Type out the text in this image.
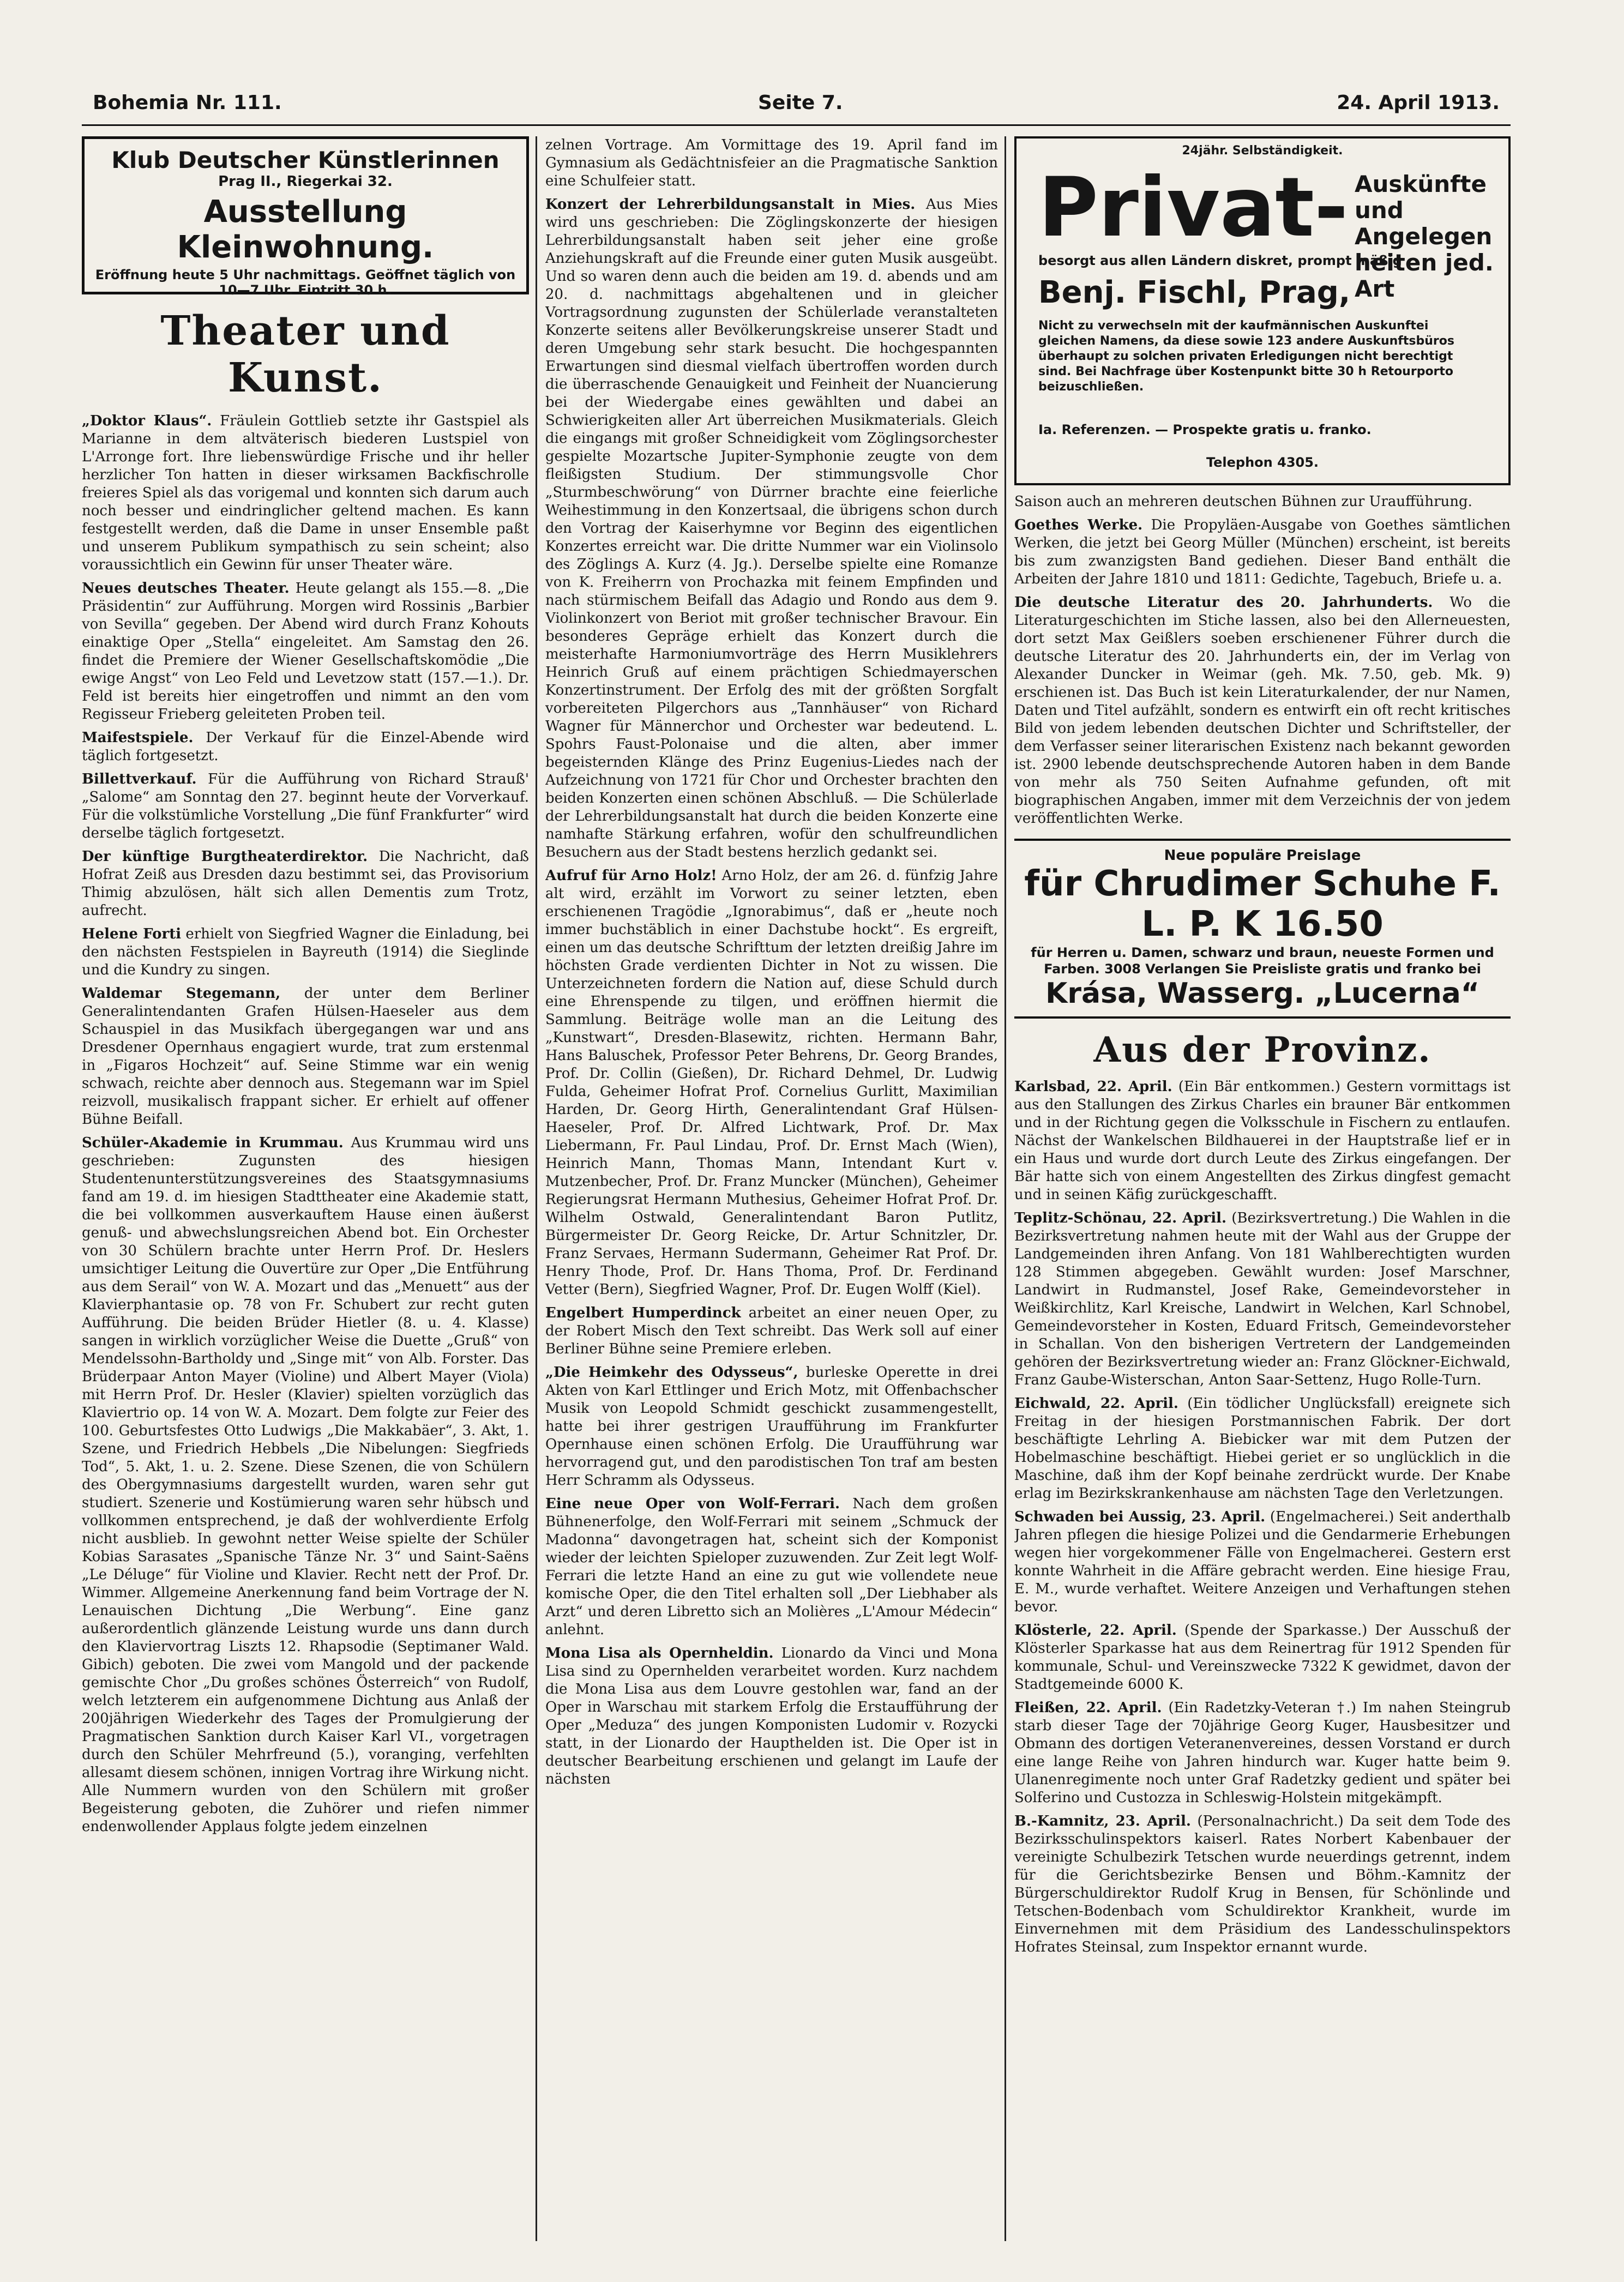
Bohemia Nr. 111.	Seite 7.	24. April 1913.
Klub Deutscher Künstlerinnen
Prag II., Riegerkai 32.
Ausstellung Kleinwohnung.
Eröffnung heute 5 Uhr nachmittags. Geöffnet täglich von 10—7 Uhr. Eintritt 30 h.
Theater und Kunst.

„Doktor Klaus“. Fräulein Gottlieb setzte ihr Gastspiel als Marianne in dem altväterisch biederen Lustspiel von L'Arronge fort. Ihre liebenswürdige Frische und ihr heller herzlicher Ton hatten in dieser wirksamen Backfischrolle freieres Spiel als das vorigemal und konnten sich darum auch noch besser und eindringlicher geltend machen. Es kann festgestellt werden, daß die Dame in unser Ensemble paßt und unserem Publikum sympathisch zu sein scheint; also voraussichtlich ein Gewinn für unser Theater wäre.

Neues deutsches Theater. Heute gelangt als 155.—8. „Die Präsidentin“ zur Aufführung. Morgen wird Rossinis „Barbier von Sevilla“ gegeben. Der Abend wird durch Franz Kohouts einaktige Oper „Stella“ eingeleitet. Am Samstag den 26. findet die Premiere der Wiener Gesellschaftskomödie „Die ewige Angst“ von Leo Feld und Levetzow statt (157.—1.). Dr. Feld ist bereits hier eingetroffen und nimmt an den vom Regisseur Frieberg geleiteten Proben teil.

Maifestspiele. Der Verkauf für die Einzel-Abende wird täglich fortgesetzt.

Billettverkauf. Für die Aufführung von Richard Strauß' „Salome“ am Sonntag den 27. beginnt heute der Vorverkauf. Für die volkstümliche Vorstellung „Die fünf Frankfurter“ wird derselbe täglich fortgesetzt.

Der künftige Burgtheaterdirektor. Die Nachricht, daß Hofrat Zeiß aus Dresden dazu bestimmt sei, das Provisorium Thimig abzulösen, hält sich allen Dementis zum Trotz, aufrecht.

Helene Forti erhielt von Siegfried Wagner die Einladung, bei den nächsten Festspielen in Bayreuth (1914) die Sieglinde und die Kundry zu singen.

Waldemar Stegemann, der unter dem Berliner Generalintendanten Grafen Hülsen-Haeseler aus dem Schauspiel in das Musikfach übergegangen war und ans Dresdener Opernhaus engagiert wurde, trat zum erstenmal in „Figaros Hochzeit“ auf. Seine Stimme war ein wenig schwach, reichte aber dennoch aus. Stegemann war im Spiel reizvoll, musikalisch frappant sicher. Er erhielt auf offener Bühne Beifall.

Schüler-Akademie in Krummau. Aus Krummau wird uns geschrieben: Zugunsten des hiesigen Studentenunterstützungsvereines des Staatsgymnasiums fand am 19. d. im hiesigen Stadttheater eine Akademie statt, die bei vollkommen ausverkauftem Hause einen äußerst genuß- und abwechslungsreichen Abend bot. Ein Orchester von 30 Schülern brachte unter Herrn Prof. Dr. Heslers umsichtiger Leitung die Ouvertüre zur Oper „Die Entführung aus dem Serail“ von W. A. Mozart und das „Menuett“ aus der Klavierphantasie op. 78 von Fr. Schubert zur recht guten Aufführung. Die beiden Brüder Hietler (8. u. 4. Klasse) sangen in wirklich vorzüglicher Weise die Duette „Gruß“ von Mendelssohn-Bartholdy und „Singe mit“ von Alb. Forster. Das Brüderpaar Anton Mayer (Violine) und Albert Mayer (Viola) mit Herrn Prof. Dr. Hesler (Klavier) spielten vorzüglich das Klaviertrio op. 14 von W. A. Mozart. Dem folgte zur Feier des 100. Geburtsfestes Otto Ludwigs „Die Makkabäer“, 3. Akt, 1. Szene, und Friedrich Hebbels „Die Nibelungen: Siegfrieds Tod“, 5. Akt, 1. u. 2. Szene. Diese Szenen, die von Schülern des Obergymnasiums dargestellt wurden, waren sehr gut studiert. Szenerie und Kostümierung waren sehr hübsch und vollkommen entsprechend, je daß der wohlverdiente Erfolg nicht ausblieb. In gewohnt netter Weise spielte der Schüler Kobias Sarasates „Spanische Tänze Nr. 3“ und Saint-Saëns „Le Déluge“ für Violine und Klavier. Recht nett der Prof. Dr. Wimmer. Allgemeine Anerkennung fand beim Vortrage der N. Lenauischen Dichtung „Die Werbung“. Eine ganz außerordentlich glänzende Leistung wurde uns dann durch den Klaviervortrag Liszts 12. Rhapsodie (Septimaner Wald. Gibich) geboten. Die zwei vom Mangold und der packende gemischte Chor „Du großes schönes Österreich“ von Rudolf, welch letzterem ein aufgenommene Dichtung aus Anlaß der 200jährigen Wiederkehr des Tages der Promulgierung der Pragmatischen Sanktion durch Kaiser Karl VI., vorgetragen durch den Schüler Mehrfreund (5.), voranging, verfehlten allesamt diesem schönen, innigen Vortrag ihre Wirkung nicht. Alle Nummern wurden von den Schülern mit großer Begeisterung geboten, die Zuhörer und riefen nimmer endenwollender Applaus folgte jedem einzelnen

zelnen Vortrage. Am Vormittage des 19. April fand im Gymnasium als Gedächtnisfeier an die Pragmatische Sanktion eine Schulfeier statt.

Konzert der Lehrerbildungsanstalt in Mies. Aus Mies wird uns geschrieben: Die Zöglingskonzerte der hiesigen Lehrerbildungsanstalt haben seit jeher eine große Anziehungskraft auf die Freunde einer guten Musik ausgeübt. Und so waren denn auch die beiden am 19. d. abends und am 20. d. nachmittags abgehaltenen und in gleicher Vortragsordnung zugunsten der Schülerlade veranstalteten Konzerte seitens aller Bevölkerungskreise unserer Stadt und deren Umgebung sehr stark besucht. Die hochgespannten Erwartungen sind diesmal vielfach übertroffen worden durch die überraschende Genauigkeit und Feinheit der Nuancierung bei der Wiedergabe eines gewählten und dabei an Schwierigkeiten aller Art überreichen Musikmaterials. Gleich die eingangs mit großer Schneidigkeit vom Zöglingsorchester gespielte Mozartsche Jupiter-Symphonie zeugte von dem fleißigsten Studium. Der stimmungsvolle Chor „Sturmbeschwörung“ von Dürrner brachte eine feierliche Weihestimmung in den Konzertsaal, die übrigens schon durch den Vortrag der Kaiserhymne vor Beginn des eigentlichen Konzertes erreicht war. Die dritte Nummer war ein Violinsolo des Zöglings A. Kurz (4. Jg.). Derselbe spielte eine Romanze von K. Freiherrn von Prochazka mit feinem Empfinden und nach stürmischem Beifall das Adagio und Rondo aus dem 9. Violinkonzert von Beriot mit großer technischer Bravour. Ein besonderes Gepräge erhielt das Konzert durch die meisterhafte Harmoniumvorträge des Herrn Musiklehrers Heinrich Gruß auf einem prächtigen Schiedmayerschen Konzertinstrument. Der Erfolg des mit der größten Sorgfalt vorbereiteten Pilgerchors aus „Tannhäuser“ von Richard Wagner für Männerchor und Orchester war bedeutend. L. Spohrs Faust-Polonaise und die alten, aber immer begeisternden Klänge des Prinz Eugenius-Liedes nach der Aufzeichnung von 1721 für Chor und Orchester brachten den beiden Konzerten einen schönen Abschluß. — Die Schülerlade der Lehrerbildungsanstalt hat durch die beiden Konzerte eine namhafte Stärkung erfahren, wofür den schulfreundlichen Besuchern aus der Stadt bestens herzlich gedankt sei.

Aufruf für Arno Holz! Arno Holz, der am 26. d. fünfzig Jahre alt wird, erzählt im Vorwort zu seiner letzten, eben erschienenen Tragödie „Ignorabimus“, daß er „heute noch immer buchstäblich in einer Dachstube hockt“. Es ergreift, einen um das deutsche Schrifttum der letzten dreißig Jahre im höchsten Grade verdienten Dichter in Not zu wissen. Die Unterzeichneten fordern die Nation auf, diese Schuld durch eine Ehrenspende zu tilgen, und eröffnen hiermit die Sammlung. Beiträge wolle man an die Leitung des „Kunstwart“, Dresden-Blasewitz, richten. Hermann Bahr, Hans Baluschek, Professor Peter Behrens, Dr. Georg Brandes, Prof. Dr. Collin (Gießen), Dr. Richard Dehmel, Dr. Ludwig Fulda, Geheimer Hofrat Prof. Cornelius Gurlitt, Maximilian Harden, Dr. Georg Hirth, Generalintendant Graf Hülsen-Haeseler, Prof. Dr. Alfred Lichtwark, Prof. Dr. Max Liebermann, Fr. Paul Lindau, Prof. Dr. Ernst Mach (Wien), Heinrich Mann, Thomas Mann, Intendant Kurt v. Mutzenbecher, Prof. Dr. Franz Muncker (München), Geheimer Regierungsrat Hermann Muthesius, Geheimer Hofrat Prof. Dr. Wilhelm Ostwald, Generalintendant Baron Putlitz, Bürgermeister Dr. Georg Reicke, Dr. Artur Schnitzler, Dr. Franz Servaes, Hermann Sudermann, Geheimer Rat Prof. Dr. Henry Thode, Prof. Dr. Hans Thoma, Prof. Dr. Ferdinand Vetter (Bern), Siegfried Wagner, Prof. Dr. Eugen Wolff (Kiel).

Engelbert Humperdinck arbeitet an einer neuen Oper, zu der Robert Misch den Text schreibt. Das Werk soll auf einer Berliner Bühne seine Premiere erleben.

„Die Heimkehr des Odysseus“, burleske Operette in drei Akten von Karl Ettlinger und Erich Motz, mit Offenbachscher Musik von Leopold Schmidt geschickt zusammengestellt, hatte bei ihrer gestrigen Uraufführung im Frankfurter Opernhause einen schönen Erfolg. Die Uraufführung war hervorragend gut, und den parodistischen Ton traf am besten Herr Schramm als Odysseus.

Eine neue Oper von Wolf-Ferrari. Nach dem großen Bühnenerfolge, den Wolf-Ferrari mit seinem „Schmuck der Madonna“ davongetragen hat, scheint sich der Komponist wieder der leichten Spieloper zuzuwenden. Zur Zeit legt Wolf-Ferrari die letzte Hand an eine zu gut wie vollendete neue komische Oper, die den Titel erhalten soll „Der Liebhaber als Arzt“ und deren Libretto sich an Molières „L'Amour Médecin“ anlehnt.

Mona Lisa als Opernheldin. Lionardo da Vinci und Mona Lisa sind zu Opernhelden verarbeitet worden. Kurz nachdem die Mona Lisa aus dem Louvre gestohlen war, fand an der Oper in Warschau mit starkem Erfolg die Erstaufführung der Oper „Meduza“ des jungen Komponisten Ludomir v. Rozycki statt, in der Lionardo der Haupthelden ist. Die Oper ist in deutscher Bearbeitung erschienen und gelangt im Laufe der nächsten

24jähr. Selbständigkeit.
Privat- Auskünfte und Angelegen heiten jed. Art
besorgt aus allen Ländern diskret, prompt mäßig
Benj. Fischl, Prag,
Nicht zu verwechseln mit der kaufmännischen Auskunftei gleichen Namens, da diese sowie 123 andere Auskunftsbüros überhaupt zu solchen privaten Erledigungen nicht berechtigt sind. Bei Nachfrage über Kostenpunkt bitte 30 h Retourporto beizuschließen.
Ia. Referenzen. — Prospekte gratis u. franko.
Telephon 4305.

Saison auch an mehreren deutschen Bühnen zur Uraufführung.

Goethes Werke. Die Propyläen-Ausgabe von Goethes sämtlichen Werken, die jetzt bei Georg Müller (München) erscheint, ist bereits bis zum zwanzigsten Band gediehen. Dieser Band enthält die Arbeiten der Jahre 1810 und 1811: Gedichte, Tagebuch, Briefe u. a.

Die deutsche Literatur des 20. Jahrhunderts. Wo die Literaturgeschichten im Stiche lassen, also bei den Allerneuesten, dort setzt Max Geißlers soeben erschienener Führer durch die deutsche Literatur des 20. Jahrhunderts ein, der im Verlag von Alexander Duncker in Weimar (geh. Mk. 7.50, geb. Mk. 9) erschienen ist. Das Buch ist kein Literaturkalender, der nur Namen, Daten und Titel aufzählt, sondern es entwirft ein oft recht kritisches Bild von jedem lebenden deutschen Dichter und Schriftsteller, der dem Verfasser seiner literarischen Existenz nach bekannt geworden ist. 2900 lebende deutschsprechende Autoren haben in dem Bande von mehr als 750 Seiten Aufnahme gefunden, oft mit biographischen Angaben, immer mit dem Verzeichnis der von jedem veröffentlichten Werke.

Neue populäre Preislage
für Chrudimer Schuhe F. L. P. K 16.50
für Herren u. Damen, schwarz und braun, neueste Formen und Farben. 3008 Verlangen Sie Preisliste gratis und franko bei
Krása, Wasserg. „Lucerna“
Aus der Provinz.

Karlsbad, 22. April. (Ein Bär entkommen.) Gestern vormittags ist aus den Stallungen des Zirkus Charles ein brauner Bär entkommen und in der Richtung gegen die Volksschule in Fischern zu entlaufen. Nächst der Wankelschen Bildhauerei in der Hauptstraße lief er in ein Haus und wurde dort durch Leute des Zirkus eingefangen. Der Bär hatte sich von einem Angestellten des Zirkus dingfest gemacht und in seinen Käfig zurückgeschafft.

Teplitz-Schönau, 22. April. (Bezirksvertretung.) Die Wahlen in die Bezirksvertretung nahmen heute mit der Wahl aus der Gruppe der Landgemeinden ihren Anfang. Von 181 Wahlberechtigten wurden 128 Stimmen abgegeben. Gewählt wurden: Josef Marschner, Landwirt in Rudmanstel, Josef Rake, Gemeindevorsteher in Weißkirchlitz, Karl Kreische, Landwirt in Welchen, Karl Schnobel, Gemeindevorsteher in Kosten, Eduard Fritsch, Gemeindevorsteher in Schallan. Von den bisherigen Vertretern der Landgemeinden gehören der Bezirksvertretung wieder an: Franz Glöckner-Eichwald, Franz Gaube-Wisterschan, Anton Saar-Settenz, Hugo Rolle-Turn.

Eichwald, 22. April. (Ein tödlicher Unglücksfall) ereignete sich Freitag in der hiesigen Porstmannischen Fabrik. Der dort beschäftigte Lehrling A. Biebicker war mit dem Putzen der Hobelmaschine beschäftigt. Hiebei geriet er so unglücklich in die Maschine, daß ihm der Kopf beinahe zerdrückt wurde. Der Knabe erlag im Bezirkskrankenhause am nächsten Tage den Verletzungen.

Schwaden bei Aussig, 23. April. (Engelmacherei.) Seit anderthalb Jahren pflegen die hiesige Polizei und die Gendarmerie Erhebungen wegen hier vorgekommener Fälle von Engelmacherei. Gestern erst konnte Wahrheit in die Affäre gebracht werden. Eine hiesige Frau, E. M., wurde verhaftet. Weitere Anzeigen und Verhaftungen stehen bevor.

Klösterle, 22. April. (Spende der Sparkasse.) Der Ausschuß der Klösterler Sparkasse hat aus dem Reinertrag für 1912 Spenden für kommunale, Schul- und Vereinszwecke 7322 K gewidmet, davon der Stadtgemeinde 6000 K.

Fleißen, 22. April. (Ein Radetzky-Veteran †.) Im nahen Steingrub starb dieser Tage der 70jährige Georg Kuger, Hausbesitzer und Obmann des dortigen Veteranenvereines, dessen Vorstand er durch eine lange Reihe von Jahren hindurch war. Kuger hatte beim 9. Ulanenregimente noch unter Graf Radetzky gedient und später bei Solferino und Custozza in Schleswig-Holstein mitgekämpft.

B.-Kamnitz, 23. April. (Personalnachricht.) Da seit dem Tode des Bezirksschulinspektors kaiserl. Rates Norbert Kabenbauer der vereinigte Schulbezirk Tetschen wurde neuerdings getrennt, indem für die Gerichtsbezirke Bensen und Böhm.-Kamnitz der Bürgerschuldirektor Rudolf Krug in Bensen, für Schönlinde und Tetschen-Bodenbach vom Schuldirektor Krankheit, wurde im Einvernehmen mit dem Präsidium des Landesschulinspektors Hofrates Steinsal, zum Inspektor ernannt wurde.
